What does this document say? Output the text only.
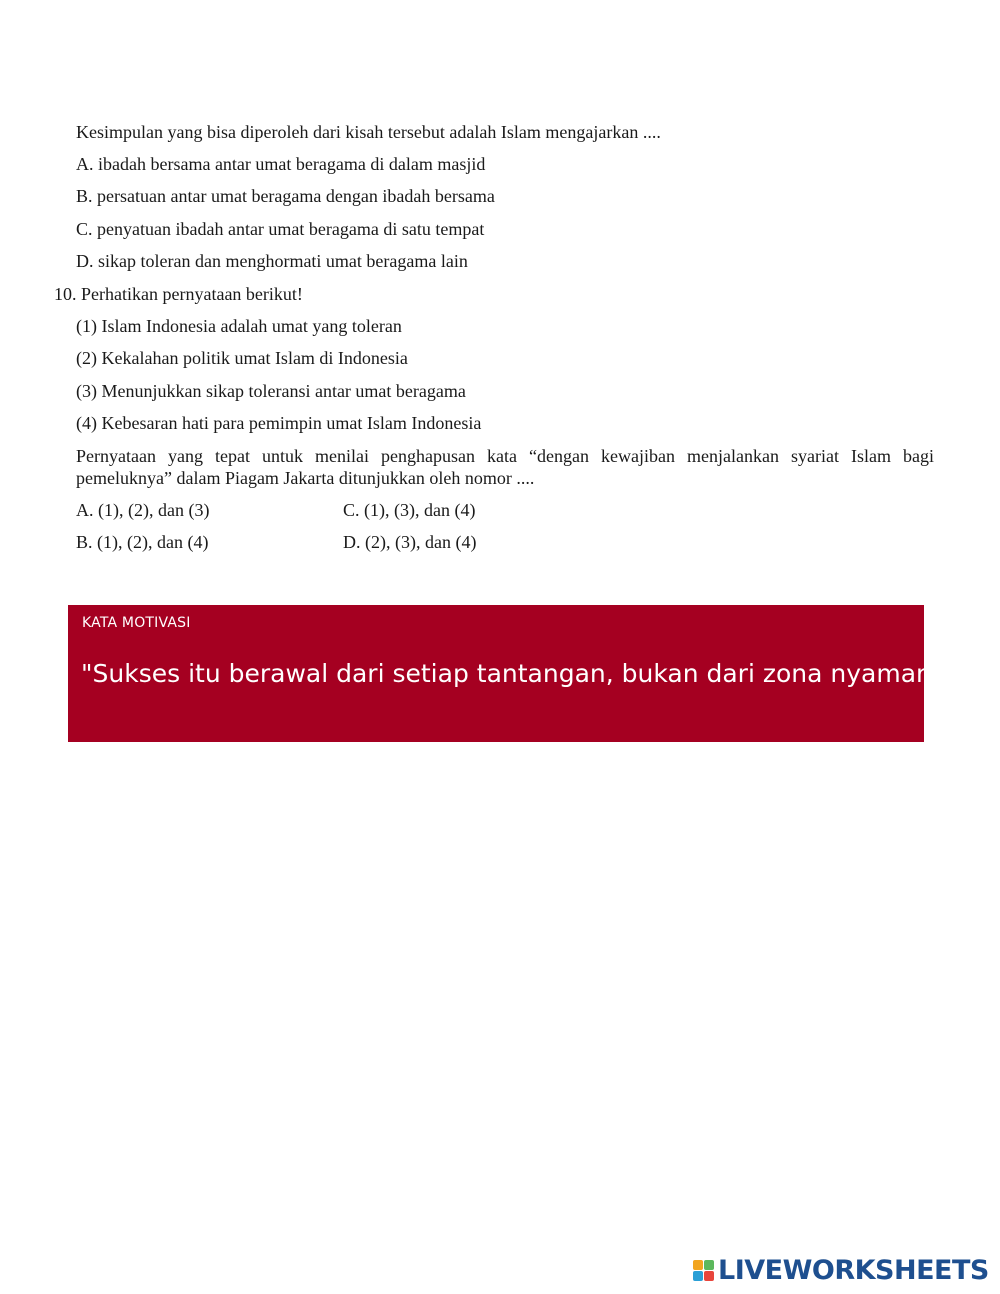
Kesimpulan yang bisa diperoleh dari kisah tersebut adalah Islam mengajarkan ....
A. ibadah bersama antar umat beragama di dalam masjid
B. persatuan antar umat beragama dengan ibadah bersama
C. penyatuan ibadah antar umat beragama di satu tempat
D. sikap toleran dan menghormati umat beragama lain
10. Perhatikan pernyataan berikut!
(1) Islam Indonesia adalah umat yang toleran
(2) Kekalahan politik umat Islam di Indonesia
(3) Menunjukkan sikap toleransi antar umat beragama
(4) Kebesaran hati para pemimpin umat Islam Indonesia
Pernyataan yang tepat untuk menilai penghapusan kata “dengan kewajiban menjalankan syariat Islam bagi pemeluknya” dalam Piagam Jakarta ditunjukkan oleh nomor ....
A. (1), (2), dan (3)	C. (1), (3), dan (4)
B. (1), (2), dan (4)	D. (2), (3), dan (4)
KATA MOTIVASI
"Sukses itu berawal dari setiap tantangan, bukan dari zona nyaman"
LIVEWORKSHEETS
